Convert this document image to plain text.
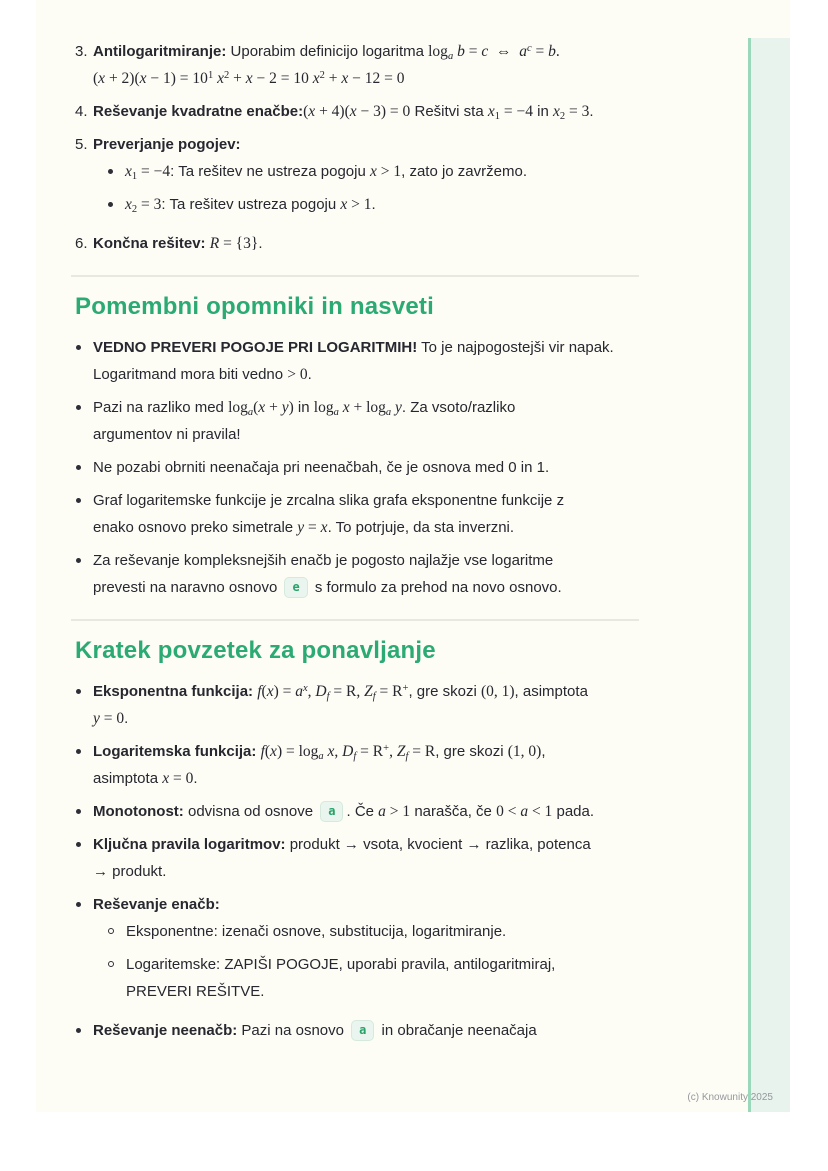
3. Antilogaritmiranje: Uporabim definicijo logaritma $\log_a b = c$  ⇔  $a^c = b$.
$(x + 2)(x - 1) = 10^1$ $x^2 + x - 2 = 10$ $x^2 + x - 12 = 0$
4. Reševanje kvadratne enačbe:(x + 4)(x − 3) = 0 Rešitvi sta $x_1 = -4$ in $x_2 = 3$.
5. Preverjanje pogojev:
$x_1 = -4$: Ta rešitev ne ustreza pogoju x > 1, zato jo zavržemo.
$x_2 = 3$: Ta rešitev ustreza pogoju x > 1.
6. Končna rešitev: R = {3}.
Pomembni opomniki in nasveti
VEDNO PREVERI POGOJE PRI LOGARITMIH! To je najpogostejši vir napak.
Logaritmand mora biti vedno > 0.
Pazi na razliko med $\log_a(x + y)$ in $\log_a x + \log_a y$. Za vsoto/razliko
argumentov ni pravila!
Ne pozabi obrniti neenačaja pri neenačbah, če je osnova med 0 in 1.
Graf logaritemske funkcije je zrcalna slika grafa eksponentne funkcije z
enako osnovo preko simetrale y = x. To potrjuje, da sta inverzni.
Za reševanje kompleksnejših enačb je pogosto najlažje vse logaritme
prevesti na naravno osnovo e s formulo za prehod na novo osnovo.
Kratek povzetek za ponavljanje
Eksponentna funkcija: $f(x) = a^x$, $D_f = R$, $Z_f = R^+$, gre skozi (0, 1), asimptota
y = 0.
Logaritemska funkcija: $f(x) = \log_a x$, $D_f = R^+$, $Z_f = R$, gre skozi (1, 0),
asimptota x = 0.
Monotonost: odvisna od osnove a . Če a > 1 narašča, če 0 < a < 1 pada.
Ključna pravila logaritmov: produkt → vsota, kvocient → razlika, potenca
→ produkt.
Reševanje enačb:
Eksponentne: izenači osnove, substitucija, logaritmiranje.
Logaritemske: ZAPIŠI POGOJE, uporabi pravila, antilogaritmiraj,
PREVERI REŠITVE.
Reševanje neenačb: Pazi na osnovo a in obračanje neenačaja
(c) Knowunity 2025
